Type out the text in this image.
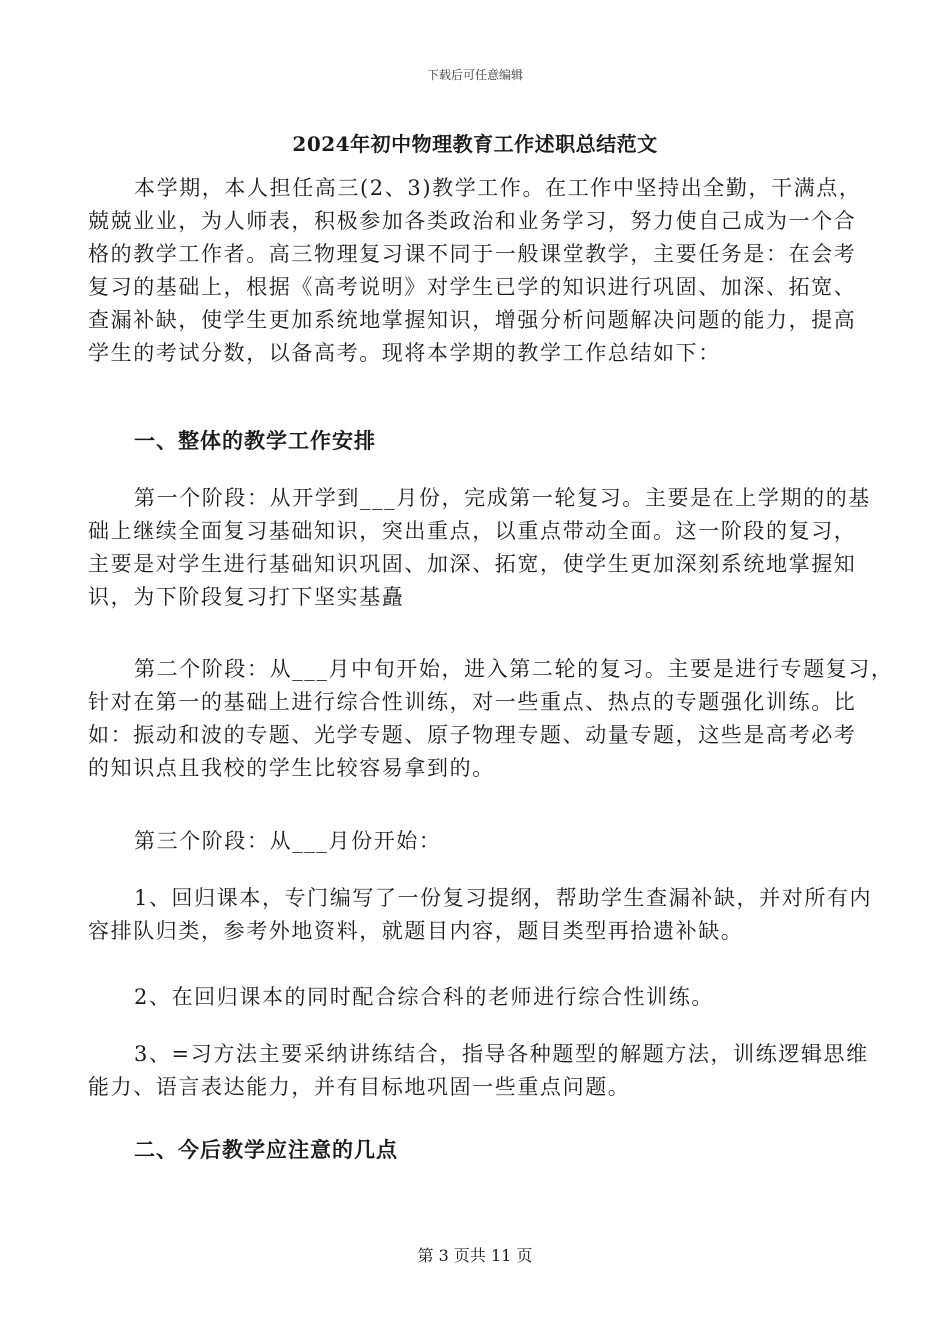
下载后可任意编辑
2024年初中物理教育工作述职总结范文
本学期，本人担任高三(2、3)教学工作。在工作中坚持出全勤，干满点，
兢兢业业，为人师表，积极参加各类政治和业务学习，努力使自己成为一个合
格的教学工作者。高三物理复习课不同于一般课堂教学，主要任务是：在会考
复习的基础上，根据《高考说明》对学生已学的知识进行巩固、加深、拓宽、
查漏补缺，使学生更加系统地掌握知识，增强分析问题解决问题的能力，提高
学生的考试分数，以备高考。现将本学期的教学工作总结如下：
一、整体的教学工作安排
第一个阶段：从开学到___月份，完成第一轮复习。主要是在上学期的的基
础上继续全面复习基础知识，突出重点，以重点带动全面。这一阶段的复习，
主要是对学生进行基础知识巩固、加深、拓宽，使学生更加深刻系统地掌握知
识，为下阶段复习打下坚实基矗
第二个阶段：从___月中旬开始，进入第二轮的复习。主要是进行专题复习，
针对在第一的基础上进行综合性训练，对一些重点、热点的专题强化训练。比
如：振动和波的专题、光学专题、原子物理专题、动量专题，这些是高考必考
的知识点且我校的学生比较容易拿到的。
第三个阶段：从___月份开始：
1、回归课本，专门编写了一份复习提纲，帮助学生查漏补缺，并对所有内
容排队归类，参考外地资料，就题目内容，题目类型再拾遗补缺。
2、在回归课本的同时配合综合科的老师进行综合性训练。
3、=习方法主要采纳讲练结合，指导各种题型的解题方法，训练逻辑思维
能力、语言表达能力，并有目标地巩固一些重点问题。
二、今后教学应注意的几点
第 3 页共 11 页
